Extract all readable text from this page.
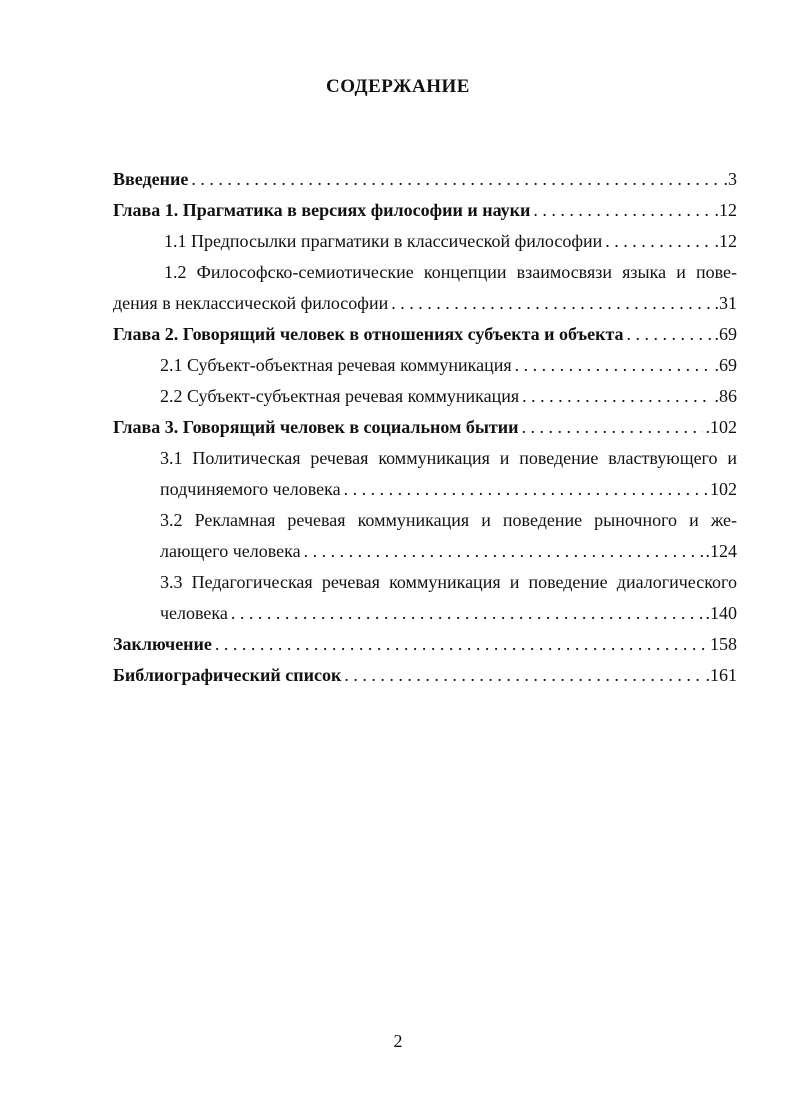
СОДЕРЖАНИЕ
Введение . . .	.3
Глава 1. Прагматика в версиях философии и науки . . .	.12
1.1 Предпосылки прагматики в классической философии . . .	.12
1.2 Философско-семиотические концепции взаимосвязи языка и пове-
дения в неклассической философии . . .	.31
Глава 2. Говорящий человек в отношениях субъекта и объекта . . .	.69
2.1 Субъект-объектная речевая коммуникация . . .	.69
2.2 Субъект-субъектная речевая коммуникация . . .	.86
Глава 3. Говорящий человек в социальном бытии . . .	.102
3.1 Политическая речевая коммуникация и поведение властвующего и
подчиняемого человека . . .	102
3.2 Рекламная речевая коммуникация и поведение рыночного и же-
лающего человека . . .	.124
3.3 Педагогическая речевая коммуникация и поведение диалогического
человека . . .	.140
Заключение . . .	158
Библиографический список . . .	.161
2
